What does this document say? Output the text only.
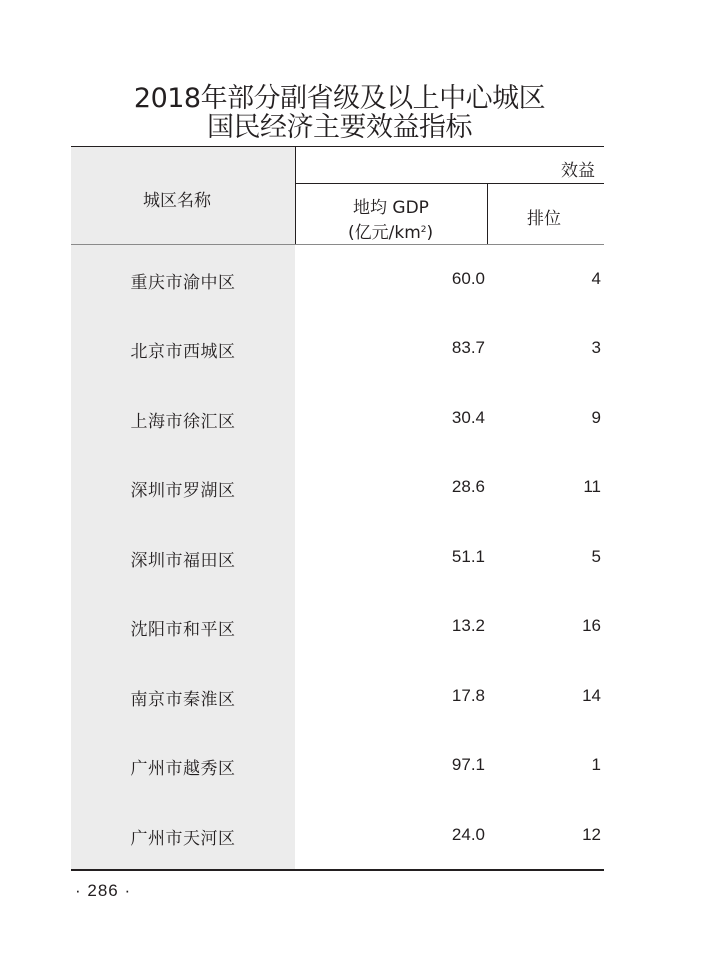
2018年部分副省级及以上中心城区
国民经济主要效益指标
城区名称
效益
地均 GDP
(亿元$/km^2$)
排位
重庆市渝中区	60.0	4
北京市西城区	83.7	3
上海市徐汇区	30.4	9
深圳市罗湖区	28.6	11
深圳市福田区	51.1	5
沈阳市和平区	13.2	16
南京市秦淮区	17.8	14
广州市越秀区	97.1	1
广州市天河区	24.0	12
· 286 ·
